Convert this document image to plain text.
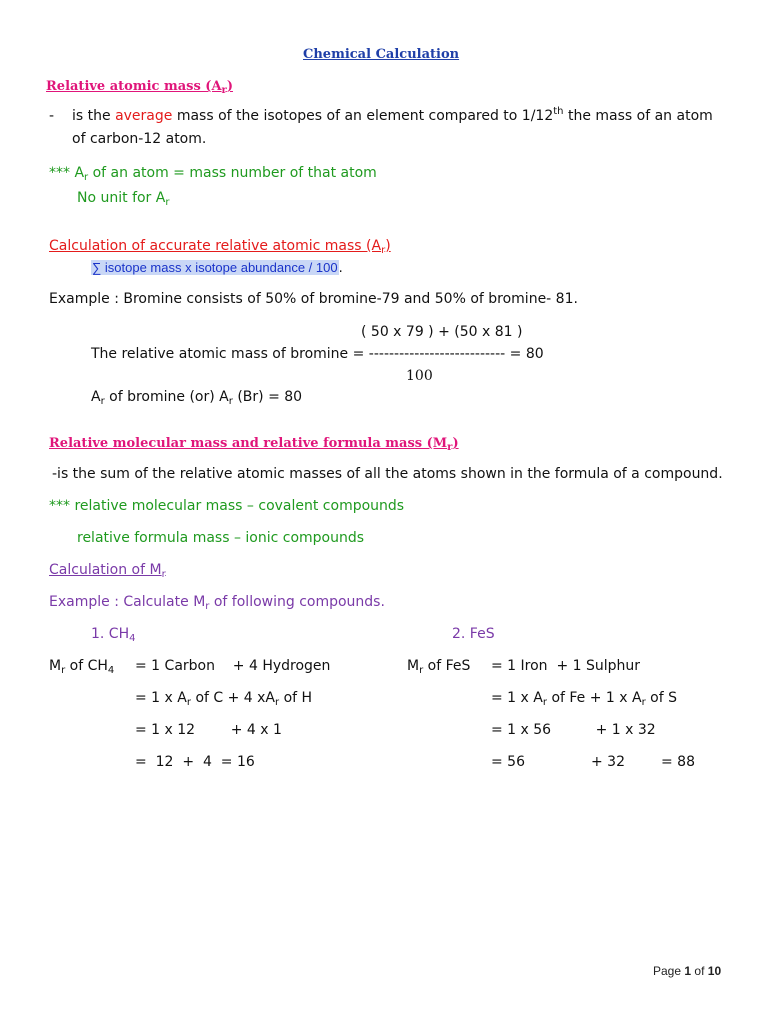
Chemical Calculation
Relative atomic mass $(A_r)$
- is the average mass of the isotopes of an element compared to 1/12th the mass of an atom
of carbon-12 atom.
*** $A_r$ of an atom = mass number of that atom
No unit for $A_r$
Calculation of accurate relative atomic mass $(A_r)$
∑ isotope mass x isotope abundance / 100.
Example : Bromine consists of 50% of bromine-79 and 50% of bromine- 81.
( 50 x 79 ) + (50 x 81 )
The relative atomic mass of bromine = --------------------------- = 80
100
$A_r$ of bromine (or) $A_r$ (Br) = 80
Relative molecular mass and relative formula mass $(M_r)$
-is the sum of the relative atomic masses of all the atoms shown in the formula of a compound.
*** relative molecular mass – covalent compounds
relative formula mass – ionic compounds
Calculation of $M_r$
Example : Calculate $M_r$ of following compounds.
1. $CH_4$	2. FeS
$M_r$ of $CH_4 = 1$ Carbon    + 4 Hydrogen
= 1 x $A_r$ of C + 4 $xA_r$ of H
= 1 x 12        + 4 x 1
=  12  +  4  = 16
$M_r$ of FeS = 1 Iron  + 1 Sulphur
= 1 x $A_r$ of Fe + 1 x $A_r$ of S
= 1 x 56          + 1 x 32
= 56	+ 32	= 88
Page 1 of 10
